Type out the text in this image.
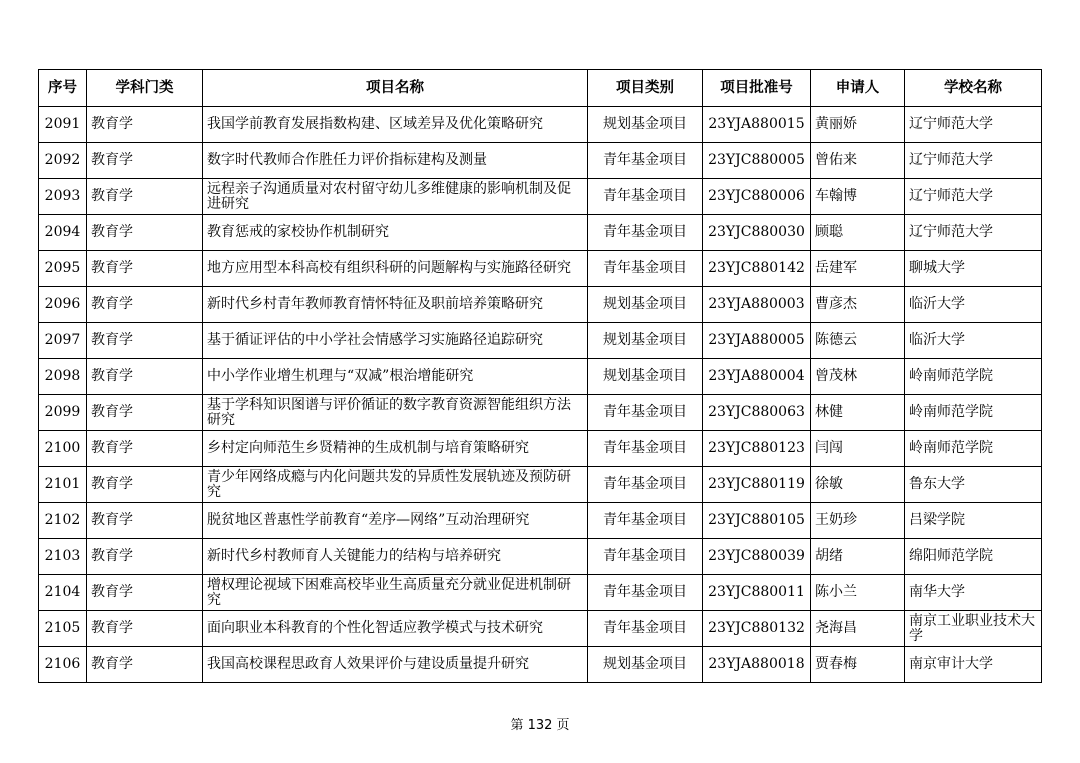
序号	学科门类	项目名称	项目类别	项目批准号	申请人	学校名称
2091	教育学	我国学前教育发展指数构建、区域差异及优化策略研究	规划基金项目	23YJA880015	黄丽娇	辽宁师范大学
2092	教育学	数字时代教师合作胜任力评价指标建构及测量	青年基金项目	23YJC880005	曾佑来	辽宁师范大学
2093	教育学	远程亲子沟通质量对农村留守幼儿多维健康的影响机制及促进研究	青年基金项目	23YJC880006	车翰博	辽宁师范大学
2094	教育学	教育惩戒的家校协作机制研究	青年基金项目	23YJC880030	顾聪	辽宁师范大学
2095	教育学	地方应用型本科高校有组织科研的问题解构与实施路径研究	青年基金项目	23YJC880142	岳建军	聊城大学
2096	教育学	新时代乡村青年教师教育情怀特征及职前培养策略研究	规划基金项目	23YJA880003	曹彦杰	临沂大学
2097	教育学	基于循证评估的中小学社会情感学习实施路径追踪研究	规划基金项目	23YJA880005	陈德云	临沂大学
2098	教育学	中小学作业增生机理与“双减”根治增能研究	规划基金项目	23YJA880004	曾茂林	岭南师范学院
2099	教育学	基于学科知识图谱与评价循证的数字教育资源智能组织方法研究	青年基金项目	23YJC880063	林健	岭南师范学院
2100	教育学	乡村定向师范生乡贤精神的生成机制与培育策略研究	青年基金项目	23YJC880123	闫闯	岭南师范学院
2101	教育学	青少年网络成瘾与内化问题共发的异质性发展轨迹及预防研究	青年基金项目	23YJC880119	徐敏	鲁东大学
2102	教育学	脱贫地区普惠性学前教育“差序—网络”互动治理研究	青年基金项目	23YJC880105	王奶珍	吕梁学院
2103	教育学	新时代乡村教师育人关键能力的结构与培养研究	青年基金项目	23YJC880039	胡绪	绵阳师范学院
2104	教育学	增权理论视域下困难高校毕业生高质量充分就业促进机制研究	青年基金项目	23YJC880011	陈小兰	南华大学
2105	教育学	面向职业本科教育的个性化智适应教学模式与技术研究	青年基金项目	23YJC880132	尧海昌	南京工业职业技术大学
2106	教育学	我国高校课程思政育人效果评价与建设质量提升研究	规划基金项目	23YJA880018	贾春梅	南京审计大学
第 132 页
